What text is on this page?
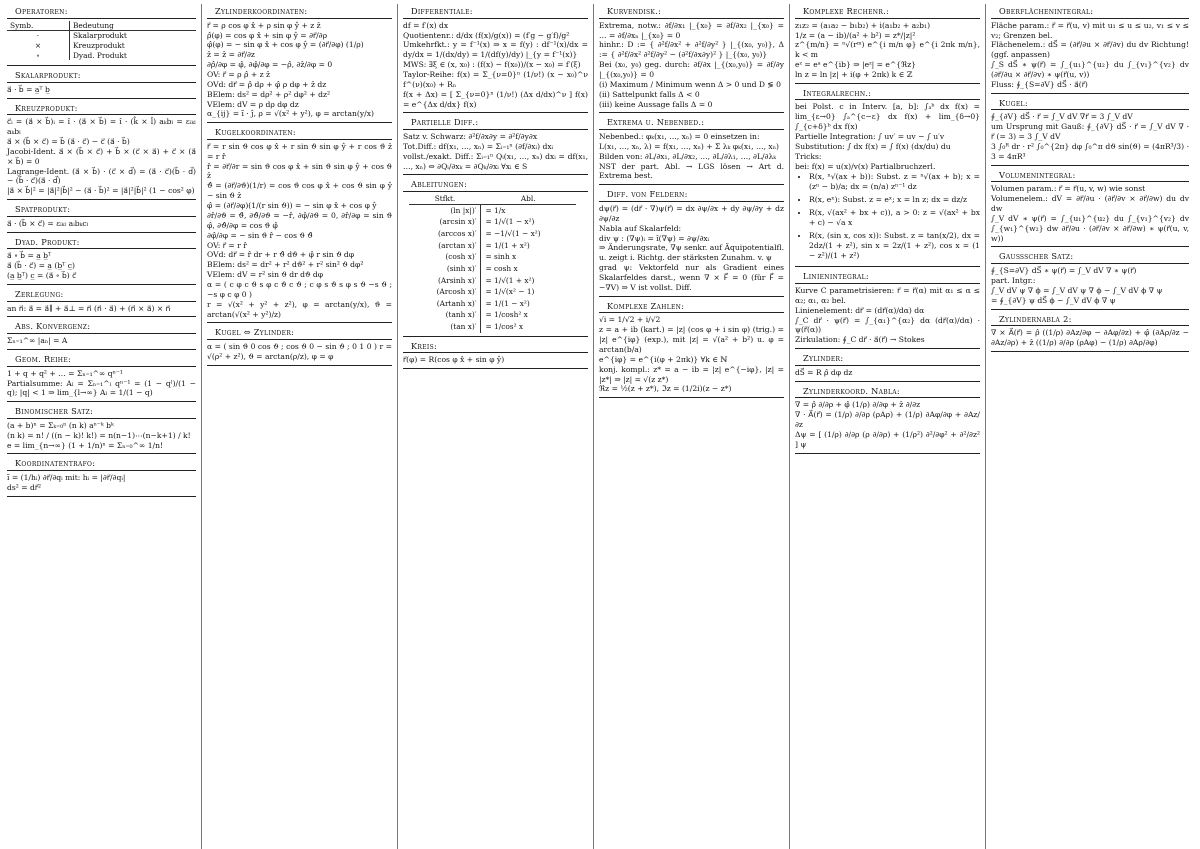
Operatoren:
Symb.	Bedeutung
·	Skalarprodukt
×	Kreuzprodukt
∘	Dyad. Produkt
Skalarprodukt:
a⃗ · b⃗ = a̲ᵀ b̲
Kreuzprodukt:
c⃗ᵢ = (a⃗ × b⃗)ᵢ = î · (a⃗ × b⃗) = î · (k̂ × l̂) aₖbₗ = εᵢₖₗ aₖbₗ
a⃗ × (b⃗ × c⃗) = b⃗ (a⃗ · c⃗) − c⃗ (a⃗ · b⃗)
Jacobi-Ident. a⃗ × (b⃗ × c⃗) + b⃗ × (c⃗ × a⃗) + c⃗ × (a⃗ × b⃗) = 0
Lagrange-Ident. (a⃗ × b⃗) · (c⃗ × d⃗) = (a⃗ · c⃗)(b⃗ · d⃗) − (b⃗ · c⃗)(a⃗ · d⃗)
|a⃗ × b⃗|² = |a⃗|²|b⃗|² − (a⃗ · b⃗)² = |a⃗|²|b⃗|² (1 − cos² φ)
Spatprodukt:
a⃗ · (b⃗ × c⃗) = εᵢₖₗ aᵢbₖcₗ
Dyad. Produkt:
a⃗ ∘ b⃗ = a̲ b̲ᵀ
a⃗ (b⃗ · c⃗) = a̲ (b̲ᵀ c̲)
(a̲ b̲ᵀ) c̲ = (a⃗ ∘ b⃗) c⃗
Zerlegung:
an n⃗: a⃗ = a⃗∥ + a⃗⊥ = n⃗ (n⃗ · a⃗) + (n⃗ × a⃗) × n⃗
Abs. Konvergenz:
Σₙ₌₁^∞ |aₙ| = A
Geom. Reihe:
1 + q + q² + … = Σₙ₌₁^∞ qⁿ⁻¹
Partialsumme: Aₗ = Σₙ₌₁^ₗ qⁿ⁻¹ = (1 − qˡ)/(1 − q); |q| < 1 ⇒ lim_{l→∞} Aₗ = 1/(1 − q)
Binomischer Satz:
(a + b)ⁿ = Σₖ₌₀ⁿ (n k) aⁿ⁻ᵏ bᵏ
(n k) = n! / ((n − k)! k!) = n(n−1)⋯(n−k+1) / k!
e = lim_{n→∞} (1 + 1/n)ⁿ = Σₙ₌₀^∞ 1/n!
Koordinatentrafo:
ĩ = (1/hᵢ) ∂r⃗/∂qᵢ mit: hᵢ = |∂r⃗/∂qᵢ|
ds² = dr⃗²
Zylinderkoordinaten:
r⃗ = ρ cos φ x̂ + ρ sin φ ŷ + z ẑ
ρ̂(φ) = cos φ x̂ + sin φ ŷ = ∂r⃗/∂ρ
φ̂(φ) = − sin φ x̂ + cos φ ŷ = (∂r⃗/∂φ) (1/ρ)
ẑ = ẑ = ∂r⃗/∂z
∂ρ̂/∂φ = φ̂, ∂φ̂/∂φ = −ρ̂, ∂ẑ/∂φ = 0
OV: r⃗ = ρ ρ̂ + z ẑ
OVd: dr⃗ = ρ̂ dρ + φ̂ ρ dφ + ẑ dz
BElem: ds² = dρ² + ρ² dφ² + dz²
VElem: dV = ρ dρ dφ dz
α_{ij} = ĩ · ĵ, ρ = √(x² + y²), φ = arctan(y/x)
Kugelkoordinaten:
r⃗ = r sin ϑ cos φ x̂ + r sin ϑ sin φ ŷ + r cos ϑ ẑ = r r̂
r̂ = ∂r⃗/∂r = sin ϑ cos φ x̂ + sin ϑ sin φ ŷ + cos ϑ ẑ
ϑ̂ = (∂r⃗/∂ϑ)(1/r) = cos ϑ cos φ x̂ + cos ϑ sin φ ŷ − sin ϑ ẑ
φ̂ = (∂r⃗/∂φ)(1/(r sin ϑ)) = − sin φ x̂ + cos φ ŷ
∂r̂/∂ϑ = ϑ̂, ∂ϑ̂/∂ϑ = −r̂, ∂φ̂/∂ϑ = 0, ∂r̂/∂φ = sin ϑ φ̂, ∂ϑ̂/∂φ = cos ϑ φ̂
∂φ̂/∂φ = − sin ϑ r̂ − cos ϑ ϑ̂
OV: r⃗ = r r̂
OVd: dr⃗ = r̂ dr + r ϑ̂ dϑ + φ̂ r sin ϑ dφ
BElem: ds² = dr² + r² dϑ² + r² sin² ϑ dφ²
VElem: dV = r² sin ϑ dr dϑ dφ
α = ( c φ c ϑ s φ c ϑ c ϑ ; c φ s ϑ s φ s ϑ −s ϑ ; −s φ c φ 0 )
r = √(x² + y² + z²), φ = arctan(y/x), ϑ = arctan(√(x² + y²)/z)
Kugel ⇔ Zylinder:
α = ( sin ϑ 0 cos ϑ ; cos ϑ 0 − sin ϑ ; 0 1 0 ) r = √(ρ² + z²), ϑ = arctan(ρ/z), φ = φ
Differentiale:
df = f′(x) dx
Quotientenr.: d/dx (f(x)/g(x)) = (f′g − g′f)/g²
Umkehrfkt.: y = f⁻¹(x) ⇒ x = f(y) : df⁻¹(x)/dx = dy/dx = 1/(dx/dy) = 1/(df(y)/dy) |_{y = f⁻¹(x)}
MWS: ∃ξ ∈ (x, x₀) : (f(x) − f(x₀))/(x − x₀) = f′(ξ)
Taylor-Reihe: f(x) = Σ_{ν=0}ⁿ (1/ν!) (x − x₀)^ν f^(ν)(x₀) + Rₙ
f(x + Δx) = [ Σ_{ν=0}ⁿ (1/ν!) (Δx d/dx)^ν ] f(x) = e^{Δx d/dx} f(x)
Partielle Diff.:
Satz v. Schwarz: ∂²f/∂x∂y = ∂²f/∂y∂x
Tot.Diff.: df(x₁, …, xₙ) = Σᵢ₌₁ⁿ (∂f/∂xᵢ) dxᵢ
vollst./exakt. Diff.: Σᵢ₌₁ⁿ Qᵢ(x₁, …, xₙ) dxᵢ = df(x₁, …, xₙ) ⇔ ∂Qᵢ/∂xₖ = ∂Qₖ/∂xᵢ ∀xᵢ ∈ S
Ableitungen:
Stfkt.	Abl.
(ln |x|)′	= 1/x
(arcsin x)′	= 1/√(1 − x²)
(arccos x)′	= −1/√(1 − x²)
(arctan x)′	= 1/(1 + x²)
(cosh x)′	= sinh x
(sinh x)′	= cosh x
(Arsinh x)′	= 1/√(1 + x²)
(Arcosh x)′	= 1/√(x² − 1)
(Artanh x)′	= 1/(1 − x²)
(tanh x)′	= 1/cosh² x
(tan x)′	= 1/cos² x
Kreis:
r⃗(φ) = R(cos φ x̂ + sin φ ŷ)
Kurvendisk.:
Extrema, notw.: ∂f/∂x₁ |_{x₀} = ∂f/∂x₂ |_{x₀} = … = ∂f/∂xₙ |_{x₀} = 0
hinhr.: D := { ∂²f/∂x² + ∂²f/∂y² } |_{(x₀, y₀)}, Δ := { ∂²f/∂x² ∂²f/∂y² − (∂²f/∂x∂y)² } |_{(x₀, y₀)}
Bei (x₀, y₀) geg. durch: ∂f/∂x |_{(x₀,y₀)} = ∂f/∂y |_{(x₀,y₀)} = 0
(i) Maximum / Minimum wenn Δ > 0 und D ≶ 0
(ii) Sattelpunkt falls Δ < 0
(iii) keine Aussage falls Δ = 0
Extrema u. Nebenbed.:
Nebenbed.: φₖ(x₁, …, xₙ) = 0 einsetzen in:
L(x₁, …, xₙ, λ) = f(x₁, …, xₙ) + Σ λₖ φₖ(x₁, …, xₙ)
Bilden von: ∂L/∂x₁, ∂L/∂x₂, …, ∂L/∂λ₁, …, ∂L/∂λₖ
NST der part. Abl. → LGS lösen → Art d. Extrema best.
Diff. von Feldern:
dψ(r⃗) = (dr⃗ · ∇)ψ(r⃗) = dx ∂ψ/∂x + dy ∂ψ/∂y + dz ∂ψ/∂z
Nabla auf Skalarfeld:
div ψ : (∇ψ)ᵢ = î(∇ψ) = ∂ψ/∂xᵢ
⇒ Änderungsrate, ∇ψ senkr. auf Äquipotentialfl. u. zeigt i. Richtg. der stärksten Zunahm. v. ψ
grad ψ: Vektorfeld nur als Gradient eines Skalarfeldes darst., wenn ∇ × F⃗ = 0 (für F⃗ = −∇V) ⇒ V ist vollst. Diff.
Komplexe Zahlen:
√i = 1/√2 + i/√2
z = a + ib (kart.) = |z| (cos φ + i sin φ) (trig.) = |z| e^{iφ} (exp.), mit |z| = √(a² + b²) u. φ = arctan(b/a)
e^{iφ} = e^{i(φ + 2πk)} ∀k ∈ ℕ
konj. kompl.: z* = a − ib = |z| e^{−iφ}, |z| = |z*| ⇒ |z| = √(z z*)
ℜz = ½(z + z*), ℑz = (1/2i)(z − z*)
Komplexe Rechenr.:
z₁z₂ = (a₁a₂ − b₁b₂) + i(a₁b₂ + a₂b₁)
1/z = (a − ib)/(a² + b²) = z*/|z|²
z^{m/n} = ⁿ√(rᵐ) e^{i m/n φ} e^{i 2πk m/n}, k < m
eᶻ = eᵃ e^{ib} ⇒ |eᶻ| = e^{ℜz}
ln z = ln |z| + i(φ + 2πk) k ∈ ℤ
Integralrechn.:
bei Polst. c in Interv. [a, b]: ∫ₐᵇ dx f(x) = lim_{ε→0} ∫ₐ^{c−ε} dx f(x) + lim_{δ→0} ∫_{c+δ}ᵇ dx f(x)
Partielle Integration: ∫ uv′ = uv − ∫ u′v
Substitution: ∫ dx f(x) = ∫ f(x) (dx/du) du
Tricks:
bei: f(x) = u(x)/v(x) Partialbruchzerl.
• R(x, ⁿ√(ax + b)): Subst. z = ⁿ√(ax + b); x = (zⁿ − b)/a; dx = (n/a) zⁿ⁻¹ dz
• R(x, eˣ): Subst. z = eˣ; x = ln z; dx = dz/z
• R(x, √(ax² + bx + c)), a > 0: z = √(ax² + bx + c) − √a x
• R(x, (sin x, cos x)): Subst. z = tan(x/2), dx = 2dz/(1 + z²), sin x = 2z/(1 + z²), cos x = (1 − z²)/(1 + z²)
Linienintegral:
Kurve C parametrisieren: r⃗ = r⃗(α) mit α₁ ≤ α ≤ α₂; α₁, α₂ bel.
Linienelement: dr⃗ = (dr⃗(α)/dα) dα
∫_C dr⃗ · ψ(r⃗) = ∫_{α₁}^{α₂} dα (dr⃗(α)/dα) · ψ(r⃗(α))
Zirkulation: ∮_C dr⃗ · a⃗(r⃗) → Stokes
Zylinder:
dS⃗ = R ρ̂ dφ dz
Zylinderkoord. Nabla:
∇ = ρ̂ ∂/∂ρ + φ̂ (1/ρ) ∂/∂φ + ẑ ∂/∂z
∇ · A⃗(r⃗) = (1/ρ) ∂/∂ρ (ρAρ) + (1/ρ) ∂Aφ/∂φ + ∂Az/∂z
Δψ = [ (1/ρ) ∂/∂ρ (ρ ∂/∂ρ) + (1/ρ²) ∂²/∂φ² + ∂²/∂z² ] ψ
Oberflächenintegral:
Fläche param.: r⃗ = r⃗(u, v) mit u₁ ≤ u ≤ u₂, v₁ ≤ v ≤ v₂; Grenzen bel.
Flächenelem.: dS⃗ = (∂r⃗/∂u × ∂r⃗/∂v) du dv Richtung! (ggf. anpassen)
∫_S dS⃗ ∗ ψ(r⃗) = ∫_{u₁}^{u₂} du ∫_{v₁}^{v₂} dv (∂r⃗/∂u × ∂r⃗/∂v) ∗ ψ(r⃗(u, v))
Fluss: ∮_{S=∂V} dS⃗ · a⃗(r⃗)
Kugel:
∮_{∂V} dS⃗ · r⃗ = ∫_V dV ∇r⃗ = 3 ∫_V dV
um Ursprung mit Gauß: ∮_{∂V} dS⃗ · r⃗ = ∫_V dV ∇ · r⃗ (= 3) = 3 ∫_V dV
3 ∫₀ᴿ dr · r² ∫₀^{2π} dφ ∫₀^π dϑ sin(ϑ) = (4πR³/3) · 3 = 4πR³
Volumenintegral:
Volumen param.: r⃗ = r⃗(u, v, w) wie sonst
Volumenelem.: dV = ∂r⃗/∂u · (∂r⃗/∂v × ∂r⃗/∂w) du dv dw
∫_V dV ∗ ψ(r⃗) = ∫_{u₁}^{u₂} du ∫_{v₁}^{v₂} dv ∫_{w₁}^{w₂} dw ∂r⃗/∂u · (∂r⃗/∂v × ∂r⃗/∂w) ∗ ψ(r⃗(u, v, w))
Gaußscher Satz:
∮_{S=∂V} dS⃗ ∗ ψ(r⃗) = ∫_V dV ∇ ∗ ψ(r⃗)
part. Intgr.:
∫_V dV ψ ∇ ϕ = ∫_V dV ψ ∇ ϕ − ∫_V dV ϕ ∇ ψ
= ∮_{∂V} ψ dS⃗ ϕ − ∫_V dV ϕ ∇ ψ
Zylindernabla 2:
∇ × A⃗(r⃗) = ρ̂ ((1/ρ) ∂Az/∂φ − ∂Aφ/∂z) + φ̂ (∂Aρ/∂z − ∂Az/∂ρ) + ẑ ((1/ρ) ∂/∂ρ (ρAφ) − (1/ρ) ∂Aρ/∂φ)
